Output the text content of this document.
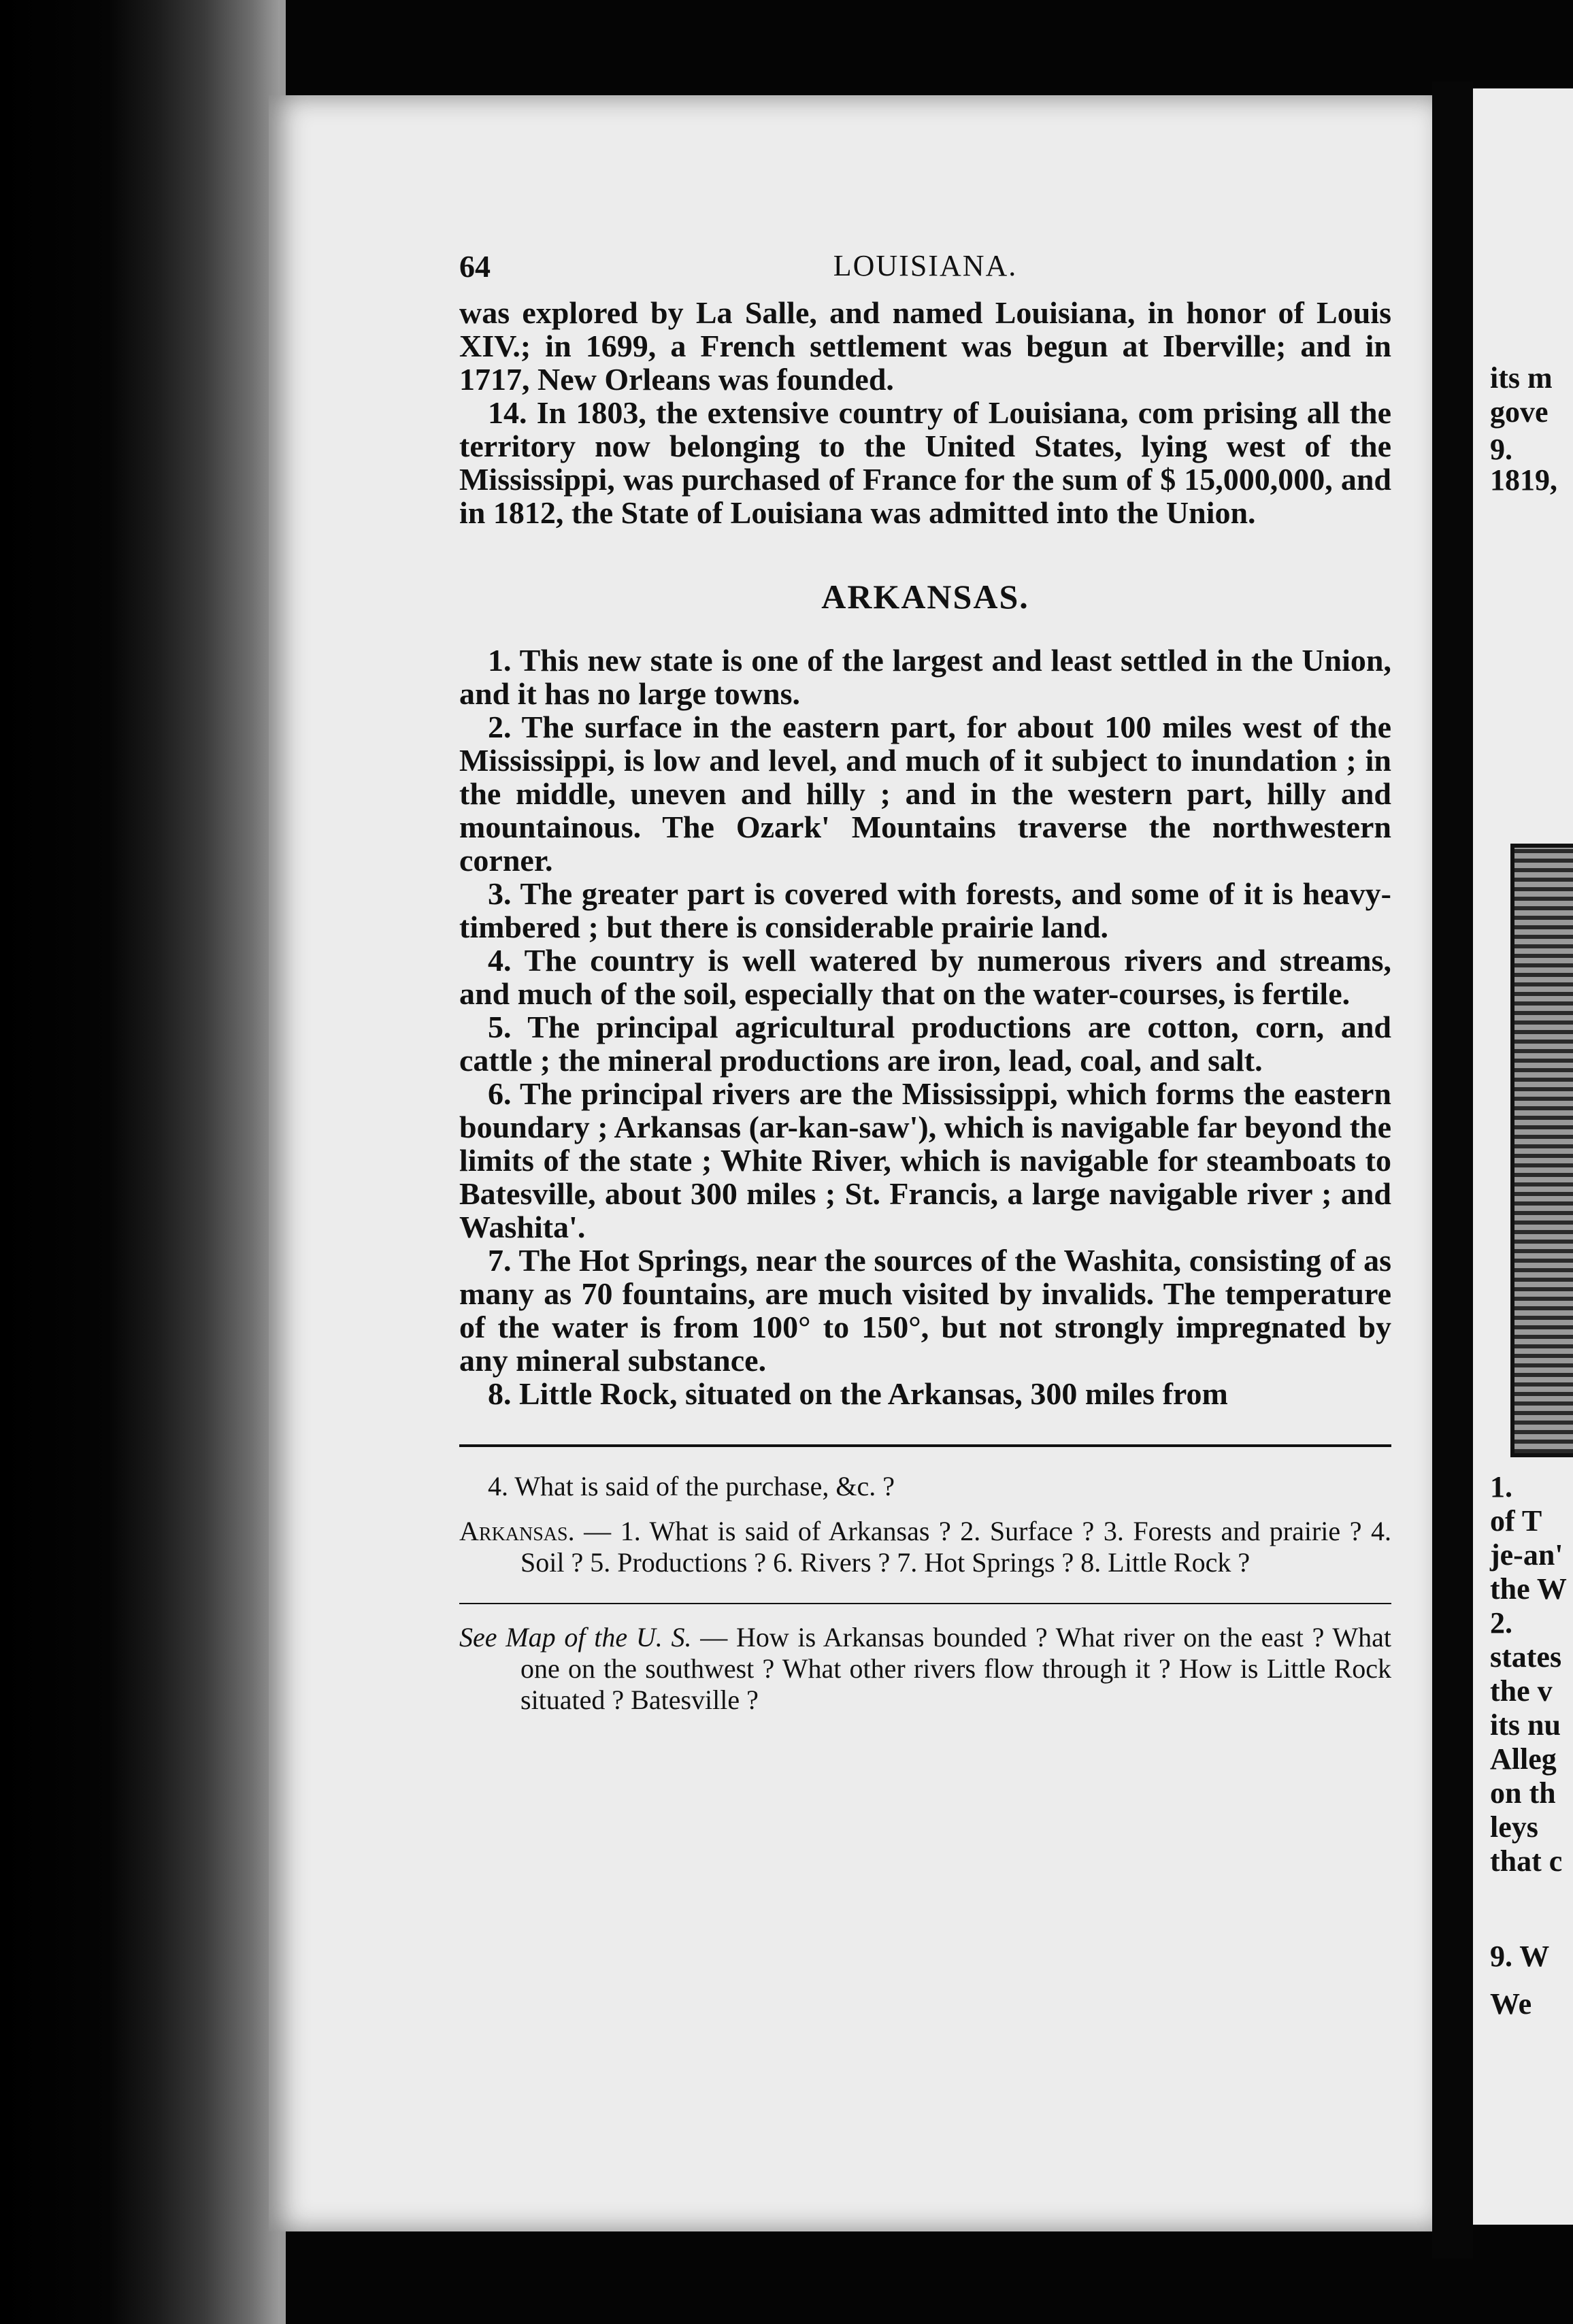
its m
gove
9.
1819,
1.
of T
je-an'
the W
2.
states
the v
its nu
Alleg
on th
leys
that c
9. W
We
64	LOUISIANA.

was explored by La Salle, and named Louisiana, in honor of Louis XIV.; in 1699, a French settlement was begun at Iberville; and in 1717, New Orleans was founded.

14. In 1803, the extensive country of Louisiana, com prising all the territory now belonging to the United States, lying west of the Mississippi, was purchased of France for the sum of $ 15,000,000, and in 1812, the State of Louisiana was admitted into the Union.

ARKANSAS.

1. This new state is one of the largest and least settled in the Union, and it has no large towns.

2. The surface in the eastern part, for about 100 miles west of the Mississippi, is low and level, and much of it subject to inundation ; in the middle, uneven and hilly ; and in the western part, hilly and mountainous. The Ozark' Mountains traverse the northwestern corner.

3. The greater part is covered with forests, and some of it is heavy-timbered ; but there is considerable prairie land.

4. The country is well watered by numerous rivers and streams, and much of the soil, especially that on the water-courses, is fertile.

5. The principal agricultural productions are cotton, corn, and cattle ; the mineral productions are iron, lead, coal, and salt.

6. The principal rivers are the Mississippi, which forms the eastern boundary ; Arkansas (ar-kan-saw'), which is navigable far beyond the limits of the state ; White River, which is navigable for steamboats to Batesville, about 300 miles ; St. Francis, a large navigable river ; and Washita'.

7. The Hot Springs, near the sources of the Washita, consisting of as many as 70 fountains, are much visited by invalids. The temperature of the water is from 100° to 150°, but not strongly impregnated by any mineral substance.

8. Little Rock, situated on the Arkansas, 300 miles from

4. What is said of the purchase, &c. ?

Arkansas. — 1. What is said of Arkansas ? 2. Surface ? 3. Forests and prairie ? 4. Soil ? 5. Productions ? 6. Rivers ? 7. Hot Springs ? 8. Little Rock ?

See Map of the U. S. — How is Arkansas bounded ? What river on the east ? What one on the southwest ? What other rivers flow through it ? How is Little Rock situated ? Batesville ?
